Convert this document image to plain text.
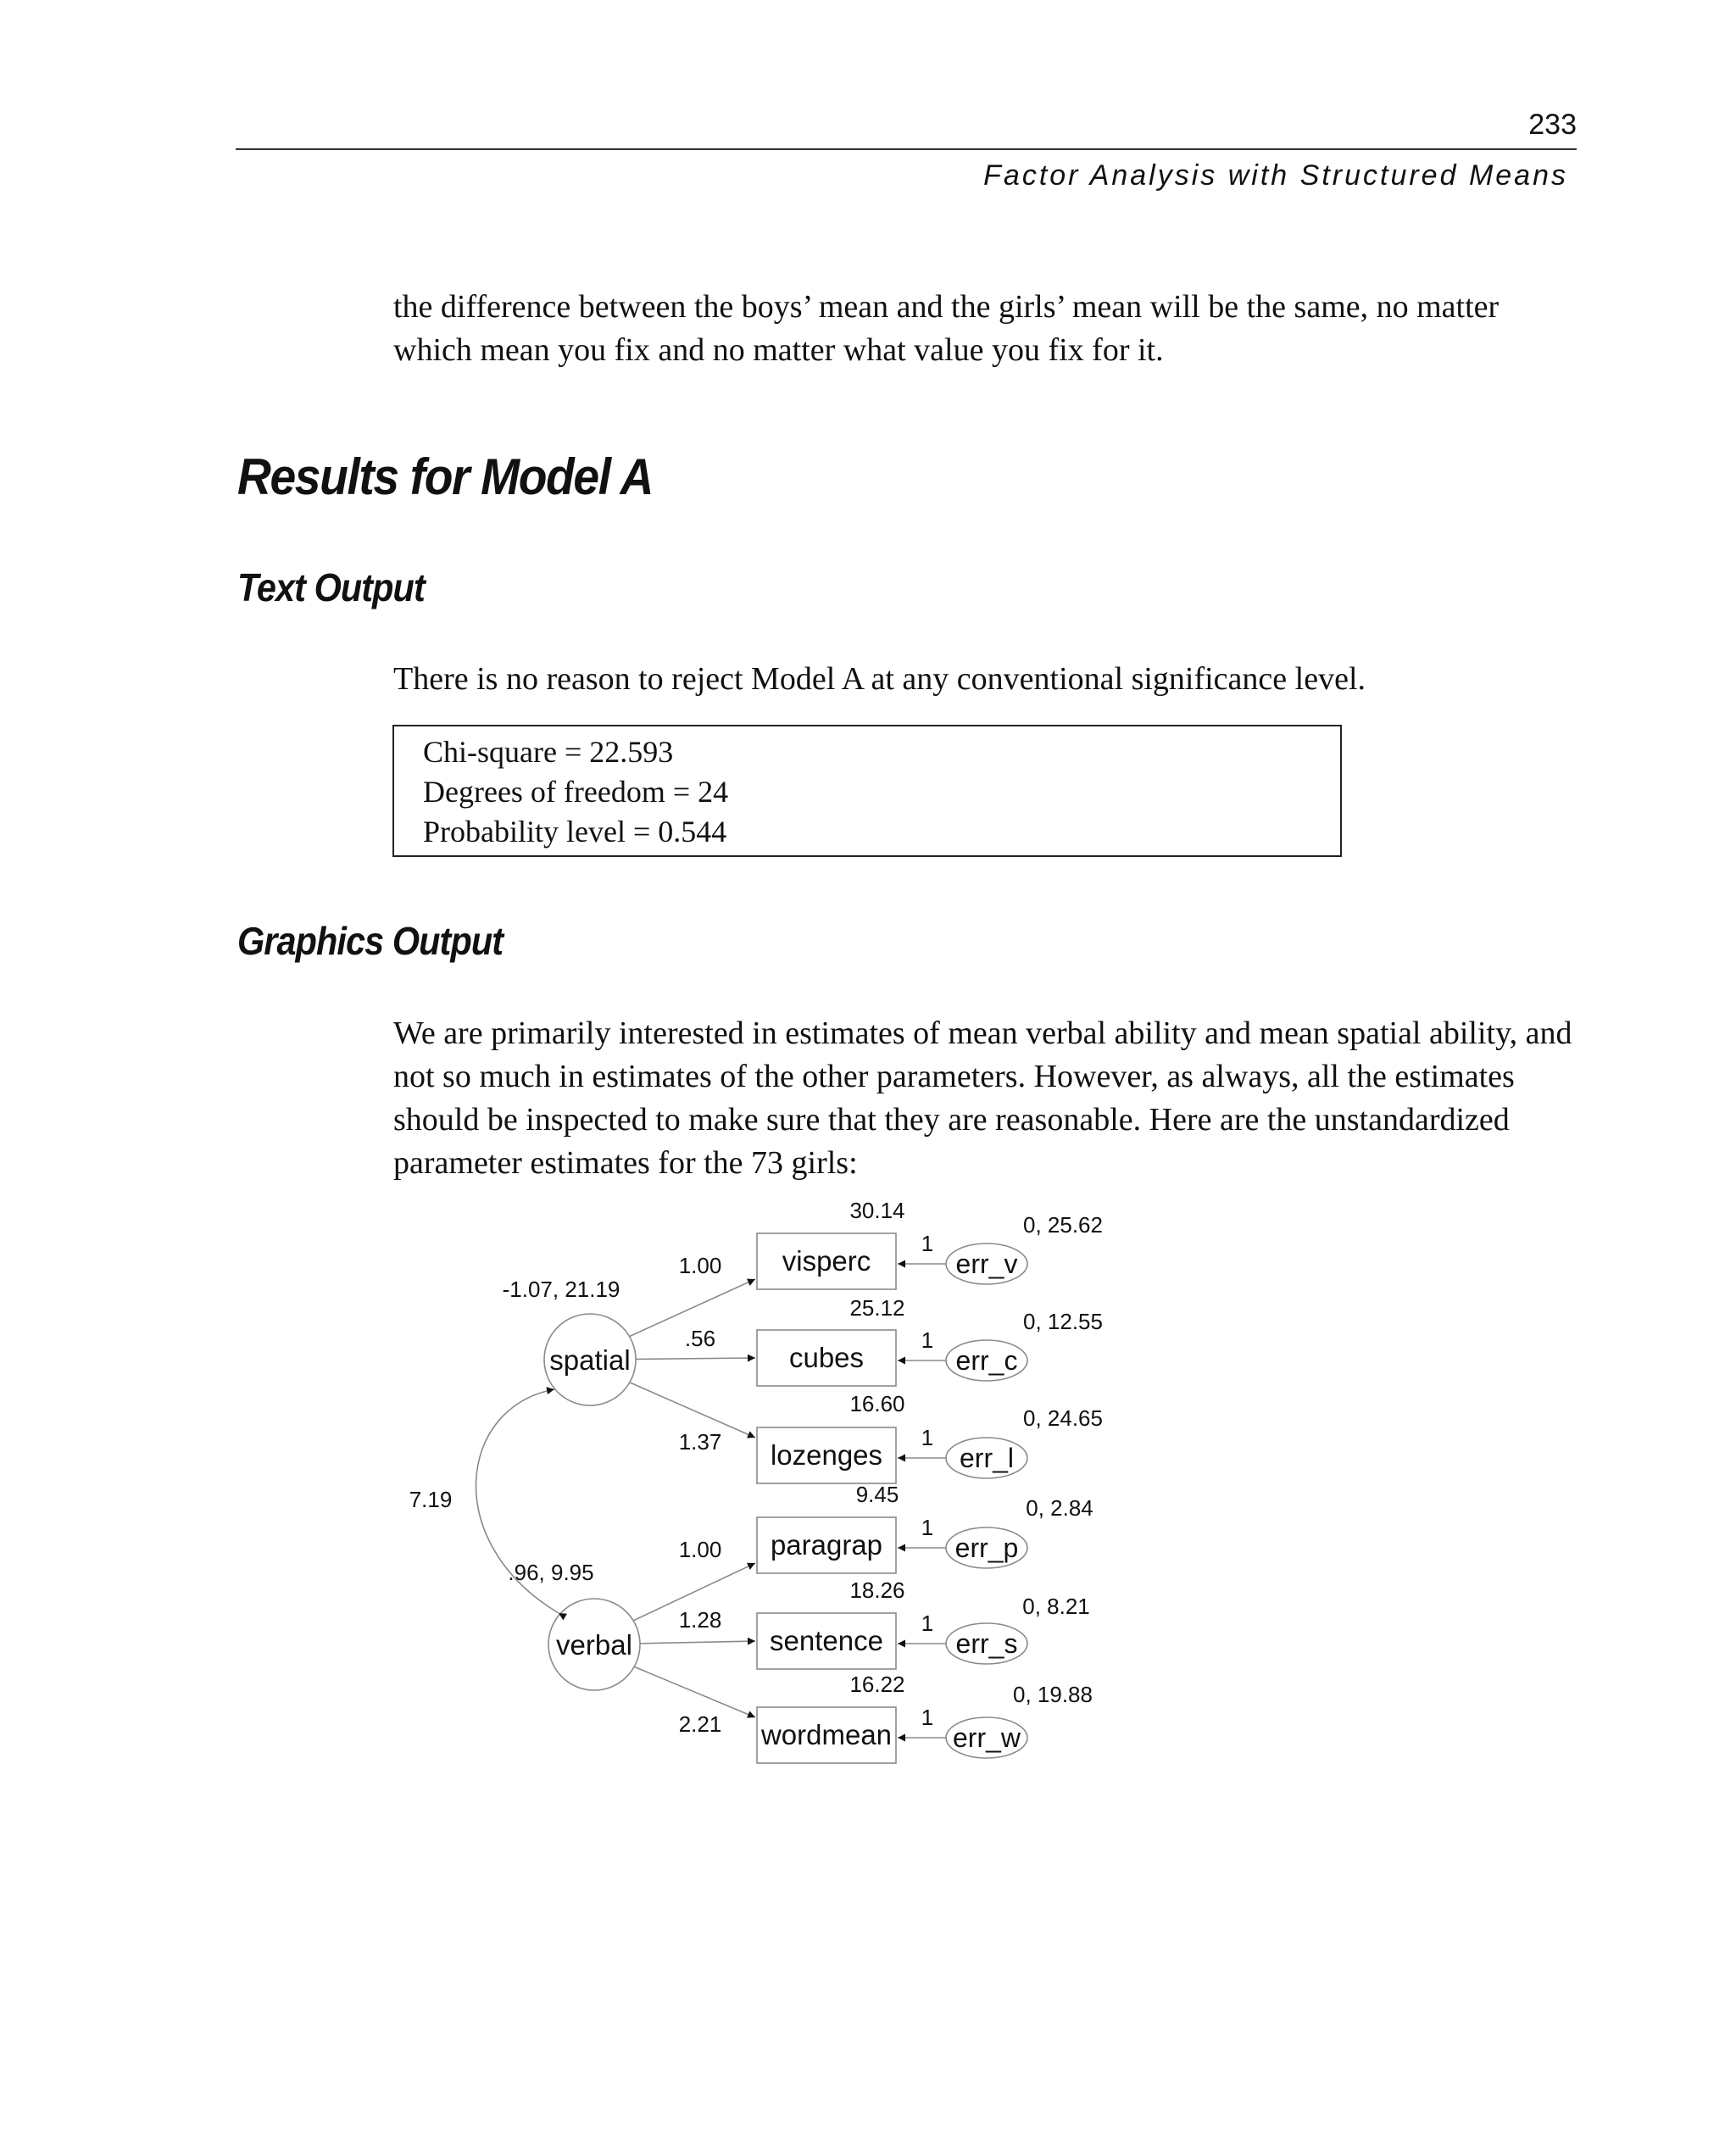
233
Factor Analysis with Structured Means

the difference between the boys’ mean and the girls’ mean will be the same, no matter which mean you fix and no matter what value you fix for it.

Results for Model A
Text Output

There is no reason to reject Model A at any conventional significance level.

Chi-square = 22.593
Degrees of freedom = 24
Probability level = 0.544
Graphics Output

We are primarily interested in estimates of mean verbal ability and mean spatial ability, and not so much in estimates of the other parameters. However, as always, all the estimates should be inspected to make sure that they are reasonable. Here are the unstandardized parameter estimates for the 73 girls:

spatial
-1.07, 21.19
verbal
.96, 9.95
7.19
visperc
1.00
30.14
err_v
1
0, 25.62
cubes
.56
25.12
err_c
1
0, 12.55
lozenges
1.37
16.60
err_l
1
0, 24.65
paragrap
1.00
9.45
err_p
1
0, 2.84
sentence
1.28
18.26
err_s
1
0, 8.21
wordmean
2.21
16.22
err_w
1
0, 19.88
